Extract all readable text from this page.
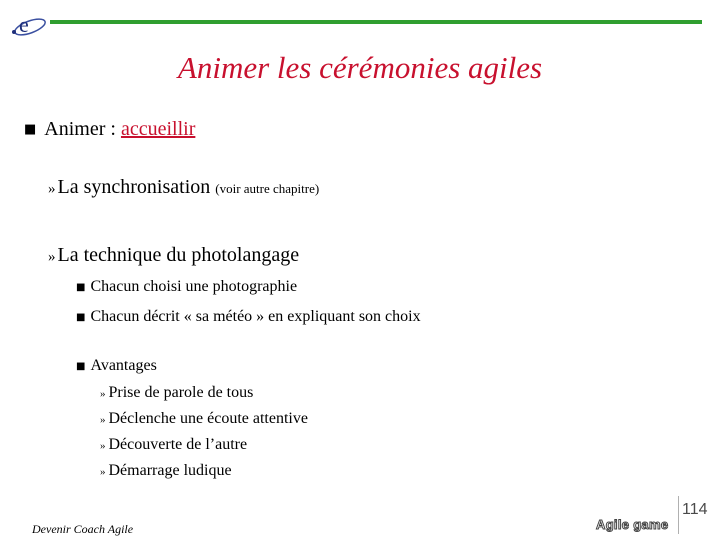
e
Animer les cérémonies agiles
■ Animer : accueillir
» La synchronisation (voir autre chapitre)
» La technique du photolangage
■ Chacun choisi une photographie
■ Chacun décrit « sa météo » en expliquant son choix
■ Avantages
» Prise de parole de tous
» Déclenche une écoute attentive
» Découverte de l’autre
» Démarrage ludique
Devenir Coach Agile	Agile game
114
